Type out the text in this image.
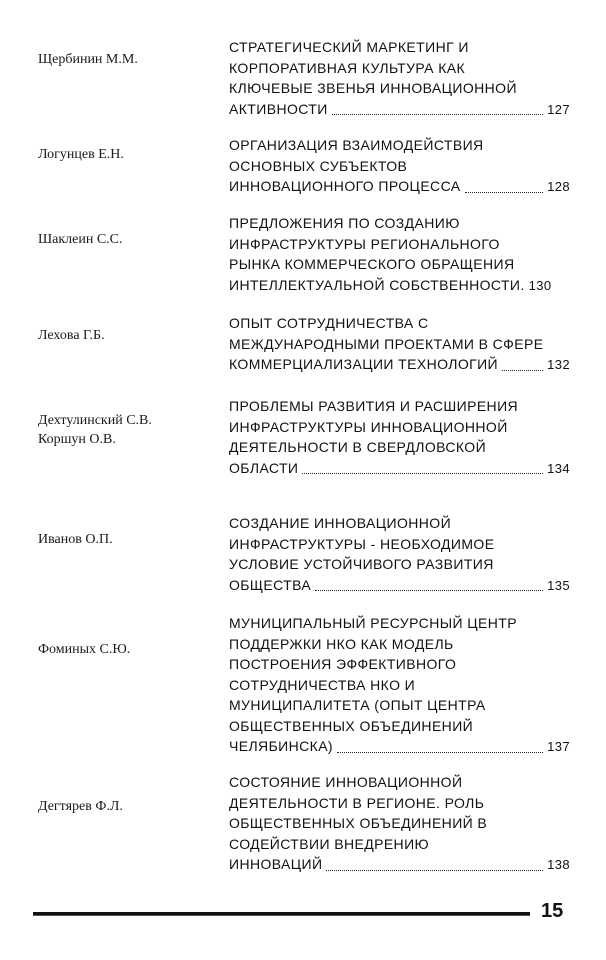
Щербинин М.М.
СТРАТЕГИЧЕСКИЙ МАРКЕТИНГ И
КОРПОРАТИВНАЯ КУЛЬТУРА КАК
КЛЮЧЕВЫЕ ЗВЕНЬЯ ИННОВАЦИОННОЙ
АКТИВНОСТИ	127
Логунцев Е.Н.
ОРГАНИЗАЦИЯ ВЗАИМОДЕЙСТВИЯ
ОСНОВНЫХ СУБЪЕКТОВ
ИННОВАЦИОННОГО ПРОЦЕССА	128
Шаклеин С.С.
ПРЕДЛОЖЕНИЯ ПО СОЗДАНИЮ
ИНФРАСТРУКТУРЫ РЕГИОНАЛЬНОГО
РЫНКА КОММЕРЧЕСКОГО ОБРАЩЕНИЯ
ИНТЕЛЛЕКТУАЛЬНОЙ СОБСТВЕННОСТИ. 130
Лехова Г.Б.
ОПЫТ СОТРУДНИЧЕСТВА С
МЕЖДУНАРОДНЫМИ ПРОЕКТАМИ В СФЕРЕ
КОММЕРЦИАЛИЗАЦИИ ТЕХНОЛОГИЙ	132
Дехтулинский С.В.
Коршун О.В.
ПРОБЛЕМЫ РАЗВИТИЯ И РАСШИРЕНИЯ
ИНФРАСТРУКТУРЫ ИННОВАЦИОННОЙ
ДЕЯТЕЛЬНОСТИ В СВЕРДЛОВСКОЙ
ОБЛАСТИ	134
Иванов О.П.
СОЗДАНИЕ ИННОВАЦИОННОЙ
ИНФРАСТРУКТУРЫ - НЕОБХОДИМОЕ
УСЛОВИЕ УСТОЙЧИВОГО РАЗВИТИЯ
ОБЩЕСТВА	135
Фоминых С.Ю.
МУНИЦИПАЛЬНЫЙ РЕСУРСНЫЙ ЦЕНТР
ПОДДЕРЖКИ НКО КАК МОДЕЛЬ
ПОСТРОЕНИЯ ЭФФЕКТИВНОГО
СОТРУДНИЧЕСТВА НКО И
МУНИЦИПАЛИТЕТА (ОПЫТ ЦЕНТРА
ОБЩЕСТВЕННЫХ ОБЪЕДИНЕНИЙ
ЧЕЛЯБИНСКА)	137
Дегтярев Ф.Л.
СОСТОЯНИЕ ИННОВАЦИОННОЙ
ДЕЯТЕЛЬНОСТИ В РЕГИОНЕ. РОЛЬ
ОБЩЕСТВЕННЫХ ОБЪЕДИНЕНИЙ В
СОДЕЙСТВИИ ВНЕДРЕНИЮ
ИННОВАЦИЙ	138
15
